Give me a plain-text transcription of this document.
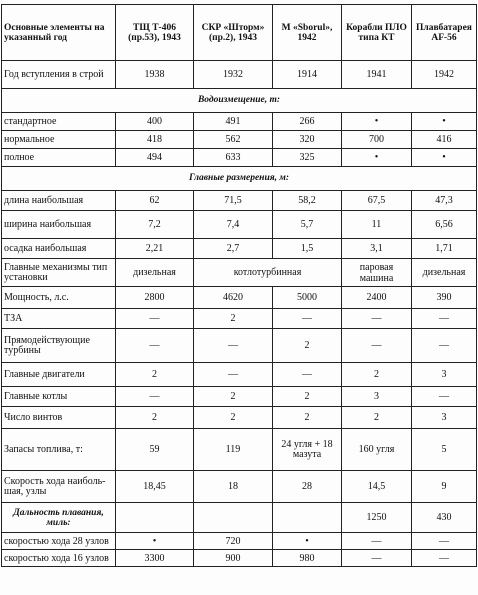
Основные элементы на указанный год	ТЩ Т-406 (пр.53), 1943	СКР «Шторм» (пр.2), 1943	М «Sborul», 1942	Корабли ПЛО типа КТ	Плавбатарея АF-56
Год вступления в строй	1938	1932	1914	1941	1942
Водоизмещение, т:					
стандартное	400	491	266	•	•
нормальное	418	562	320	700	416
полное	494	633	325	•	•
Главные размерения, м:					
длина наибольшая	62	71,5	58,2	67,5	47,3
ширина наибольшая	7,2	7,4	5,7	11	6,56
осадка наибольшая	2,21	2,7	1,5	3,1	1,71
Главные механизмы тип установки	дизельная	котлотурбинная		паровая машина	дизельная
Мощность, л.с.	2800	4620	5000	2400	390
ТЗА	—	2	—	—	—
Прямодействующие турбины	—	—	2	—	—
Главные двигатели	2	—	—	2	3
Главные котлы	—	2	2	3	—
Число винтов	2	2	2	2	3
Запасы топлива, т:	59	119	24 угля + 18 мазута	160 угля	5
Скорость хода наиболь-шая, узлы	18,45	18	28	14,5	9
Дальность плавания, миль:				1250	430
скоростью хода 28 узлов	•	720	•	—	—
скоростью хода 16 узлов	3300	900	980	—	—
